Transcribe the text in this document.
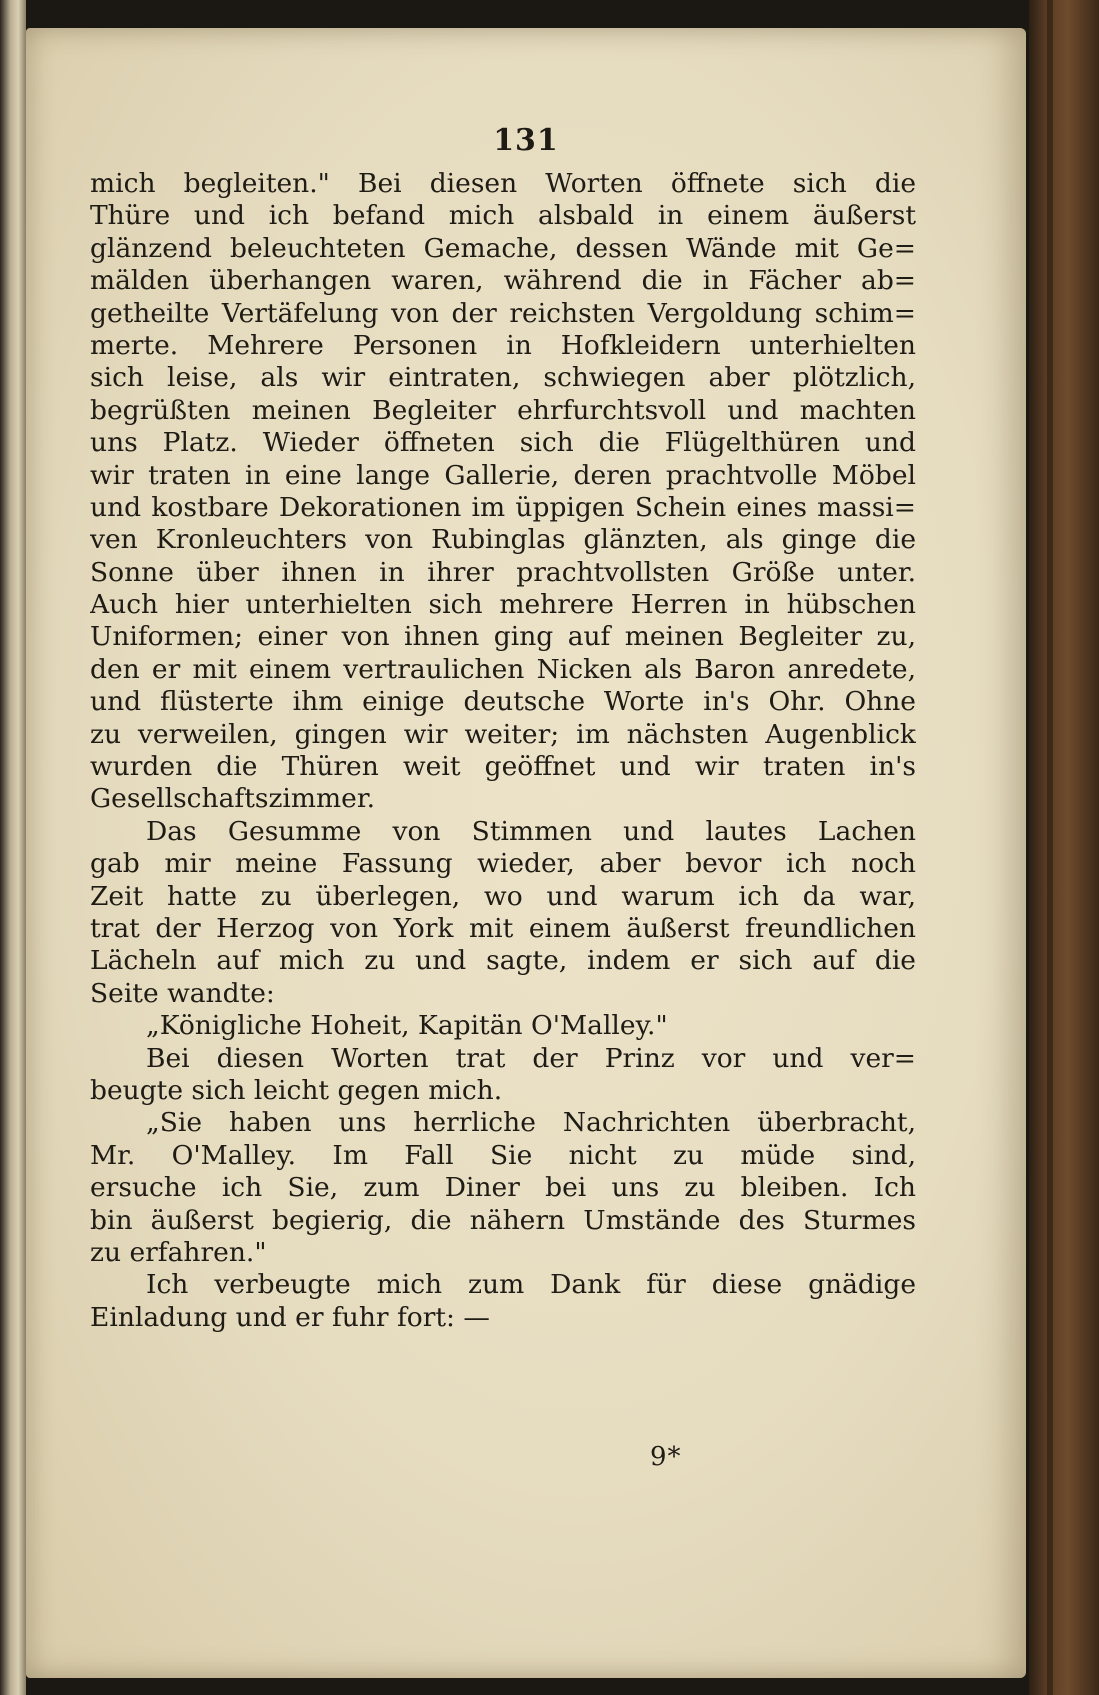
131
mich begleiten." Bei diesen Worten öffnete sich die
Thüre und ich befand mich alsbald in einem äußerst
glänzend beleuchteten Gemache, dessen Wände mit Ge=
mälden überhangen waren, während die in Fächer ab=
getheilte Vertäfelung von der reichsten Vergoldung schim=
merte. Mehrere Personen in Hofkleidern unterhielten
sich leise, als wir eintraten, schwiegen aber plötzlich,
begrüßten meinen Begleiter ehrfurchtsvoll und machten
uns Platz. Wieder öffneten sich die Flügelthüren und
wir traten in eine lange Gallerie, deren prachtvolle Möbel
und kostbare Dekorationen im üppigen Schein eines massi=
ven Kronleuchters von Rubinglas glänzten, als ginge die
Sonne über ihnen in ihrer prachtvollsten Größe unter.
Auch hier unterhielten sich mehrere Herren in hübschen
Uniformen; einer von ihnen ging auf meinen Begleiter zu,
den er mit einem vertraulichen Nicken als Baron anredete,
und flüsterte ihm einige deutsche Worte in's Ohr. Ohne
zu verweilen, gingen wir weiter; im nächsten Augenblick
wurden die Thüren weit geöffnet und wir traten in's
Gesellschaftszimmer.
Das Gesumme von Stimmen und lautes Lachen
gab mir meine Fassung wieder, aber bevor ich noch
Zeit hatte zu überlegen, wo und warum ich da war,
trat der Herzog von York mit einem äußerst freundlichen
Lächeln auf mich zu und sagte, indem er sich auf die
Seite wandte:
„Königliche Hoheit, Kapitän O'Malley."
Bei diesen Worten trat der Prinz vor und ver=
beugte sich leicht gegen mich.
„Sie haben uns herrliche Nachrichten überbracht,
Mr. O'Malley. Im Fall Sie nicht zu müde sind,
ersuche ich Sie, zum Diner bei uns zu bleiben. Ich
bin äußerst begierig, die nähern Umstände des Sturmes
zu erfahren."
Ich verbeugte mich zum Dank für diese gnädige
Einladung und er fuhr fort: —
9*
